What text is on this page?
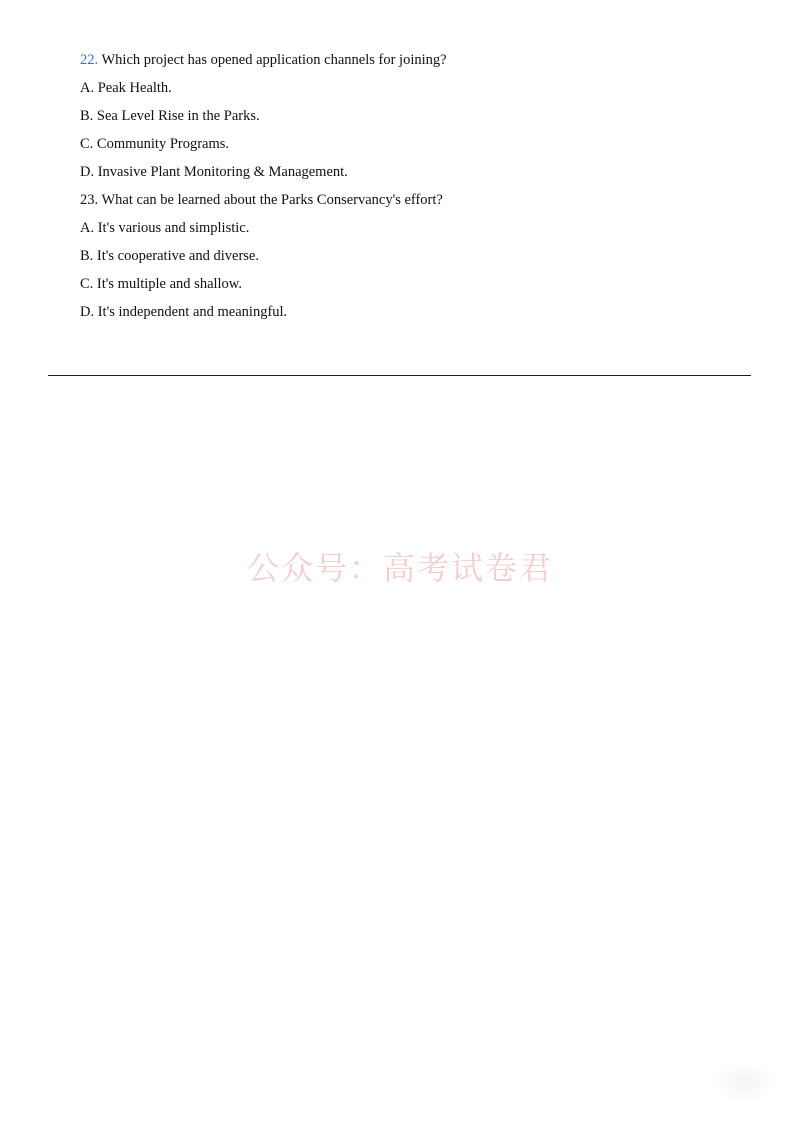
22. Which project has opened application channels for joining?
A. Peak Health.
B. Sea Level Rise in the Parks.
C. Community Programs.
D. Invasive Plant Monitoring & Management.
23. What can be learned about the Parks Conservancy's effort?
A. It's various and simplistic.
B. It's cooperative and diverse.
C. It's multiple and shallow.
D. It's independent and meaningful.
公众号：高考试卷君
